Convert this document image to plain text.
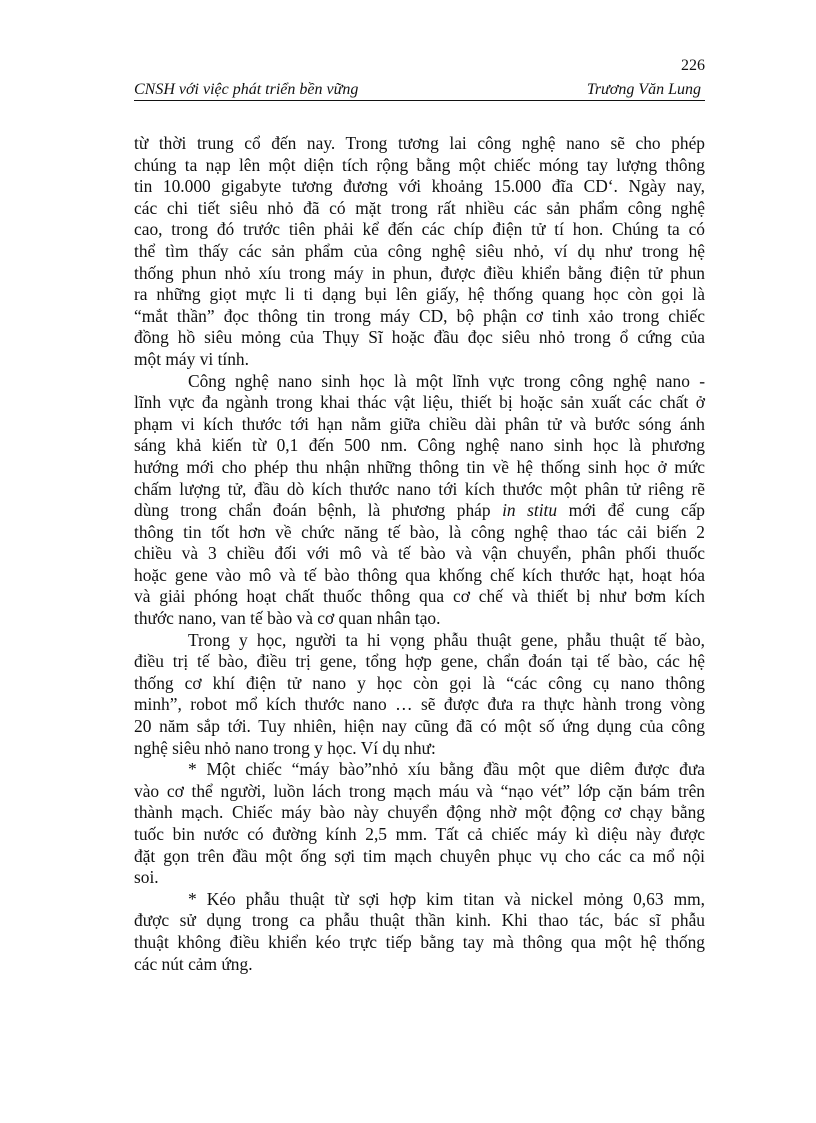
226
CNSH với việc phát triển bền vững	Trương Văn Lung

từ thời trung cổ đến nay. Trong tương lai công nghệ nano sẽ cho phép
chúng ta nạp lên một diện tích rộng bằng một chiếc móng tay lượng thông
tin 10.000 gigabyte tương đương với khoảng 15.000 đĩa CD‘. Ngày nay,
các chi tiết siêu nhỏ đã có mặt trong rất nhiều các sản phẩm công nghệ
cao, trong đó trước tiên phải kể đến các chíp điện tử tí hon. Chúng ta có
thể tìm thấy các sản phẩm của công nghệ siêu nhỏ, ví dụ như trong hệ
thống phun nhỏ xíu trong máy in phun, được điều khiển bằng điện tử phun
ra những giọt mực li ti dạng bụi lên giấy, hệ thống quang học còn gọi là
“mắt thần” đọc thông tin trong máy CD, bộ phận cơ tinh xảo trong chiếc
đồng hồ siêu mỏng của Thụy Sĩ hoặc đầu đọc siêu nhỏ trong ổ cứng của
một máy vi tính.

Công nghệ nano sinh học là một lĩnh vực trong công nghệ nano -
lĩnh vực đa ngành trong khai thác vật liệu, thiết bị hoặc sản xuất các chất ở
phạm vi kích thước tới hạn nằm giữa chiều dài phân tử và bước sóng ánh
sáng khả kiến từ 0,1 đến 500 nm. Công nghệ nano sinh học là phương
hướng mới cho phép thu nhận những thông tin về hệ thống sinh học ở mức
chấm lượng tử, đầu dò kích thước nano tới kích thước một phân tử riêng rẽ
dùng trong chẩn đoán bệnh, là phương pháp in stitu mới để cung cấp
thông tin tốt hơn về chức năng tế bào, là công nghệ thao tác cải biến 2
chiều và 3 chiều đối với mô và tế bào và vận chuyển, phân phối thuốc
hoặc gene vào mô và tế bào thông qua khống chế kích thước hạt, hoạt hóa
và giải phóng hoạt chất thuốc thông qua cơ chế và thiết bị như bơm kích
thước nano, van tế bào và cơ quan nhân tạo.

Trong y học, người ta hi vọng phẫu thuật gene, phẫu thuật tế bào,
điều trị tế bào, điều trị gene, tổng hợp gene, chẩn đoán tại tế bào, các hệ
thống cơ khí điện tử nano y học còn gọi là “các công cụ nano thông
minh”, robot mổ kích thước nano … sẽ được đưa ra thực hành trong vòng
20 năm sắp tới. Tuy nhiên, hiện nay cũng đã có một số ứng dụng của công
nghệ siêu nhỏ nano trong y học. Ví dụ như:

* Một chiếc “máy bào”nhỏ xíu bằng đầu một que diêm được đưa
vào cơ thể người, luồn lách trong mạch máu và “nạo vét” lớp cặn bám trên
thành mạch. Chiếc máy bào này chuyển động nhờ một động cơ chạy bằng
tuốc bin nước có đường kính 2,5 mm. Tất cả chiếc máy kì diệu này được
đặt gọn trên đầu một ống sợi tim mạch chuyên phục vụ cho các ca mổ nội
soi.

* Kéo phẫu thuật từ sợi hợp kim titan và nickel mỏng 0,63 mm,
được sử dụng trong ca phẫu thuật thần kinh. Khi thao tác, bác sĩ phẫu
thuật không điều khiển kéo trực tiếp bằng tay mà thông qua một hệ thống
các nút cảm ứng.
